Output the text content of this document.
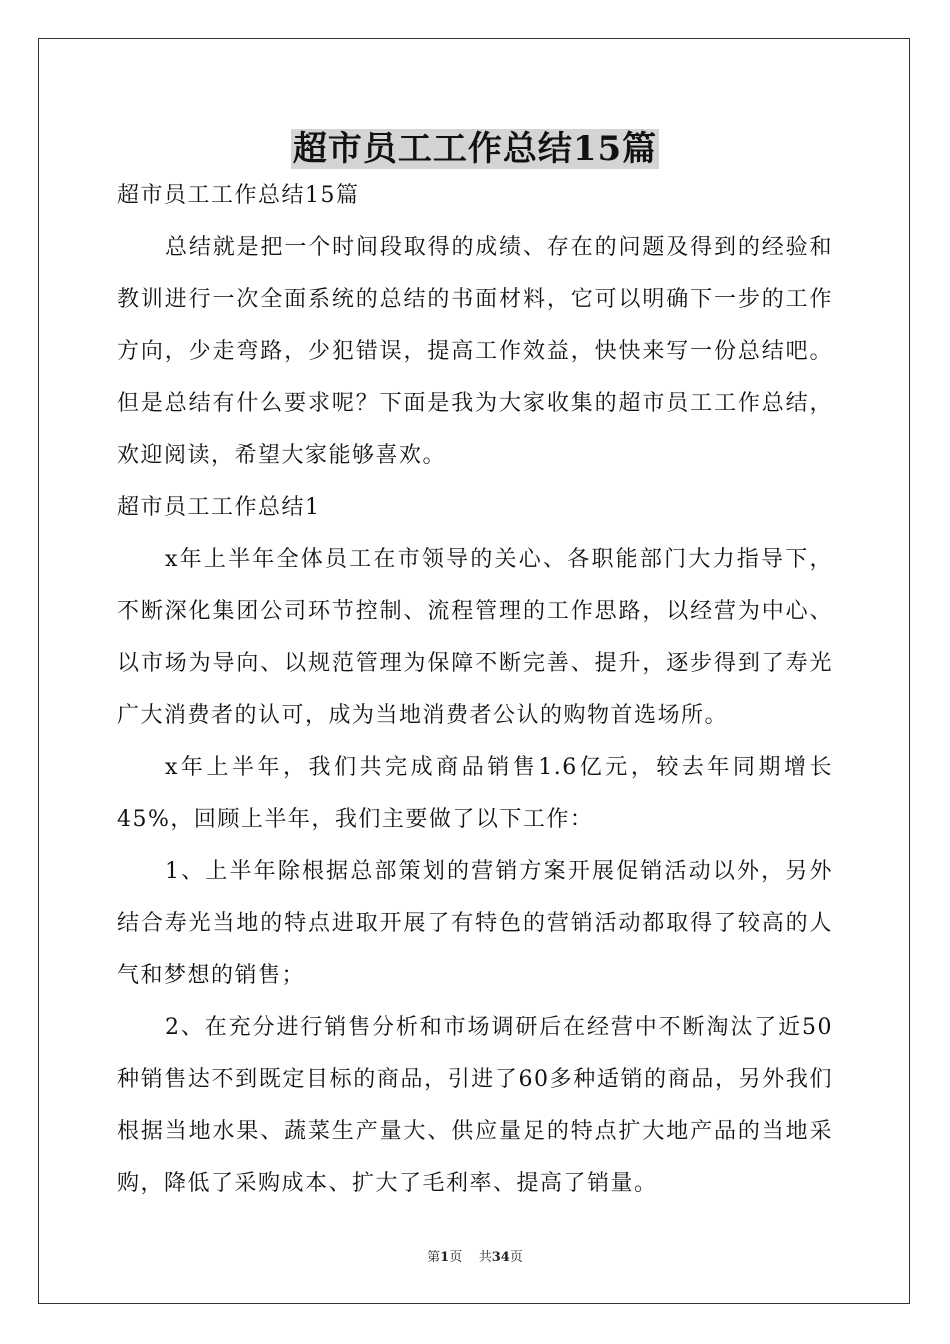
超市员工工作总结15篇

超市员工工作总结15篇

总结就是把一个时间段取得的成绩、存在的问题及得到的经验和教训进行一次全面系统的总结的书面材料，它可以明确下一步的工作方向，少走弯路，少犯错误，提高工作效益，快快来写一份总结吧。但是总结有什么要求呢？下面是我为大家收集的超市员工工作总结，欢迎阅读，希望大家能够喜欢。

超市员工工作总结1

x年上半年全体员工在市领导的关心、各职能部门大力指导下，不断深化集团公司环节控制、流程管理的工作思路，以经营为中心、以市场为导向、以规范管理为保障不断完善、提升，逐步得到了寿光广大消费者的认可，成为当地消费者公认的购物首选场所。

x年上半年，我们共完成商品销售1.6亿元，较去年同期增长45%，回顾上半年，我们主要做了以下工作：

1、上半年除根据总部策划的营销方案开展促销活动以外，另外结合寿光当地的特点进取开展了有特色的营销活动都取得了较高的人气和梦想的销售；

2、在充分进行销售分析和市场调研后在经营中不断淘汰了近50种销售达不到既定目标的商品，引进了60多种适销的商品，另外我们根据当地水果、蔬菜生产量大、供应量足的特点扩大地产品的当地采购，降低了采购成本、扩大了毛利率、提高了销量。

第1页 共34页
